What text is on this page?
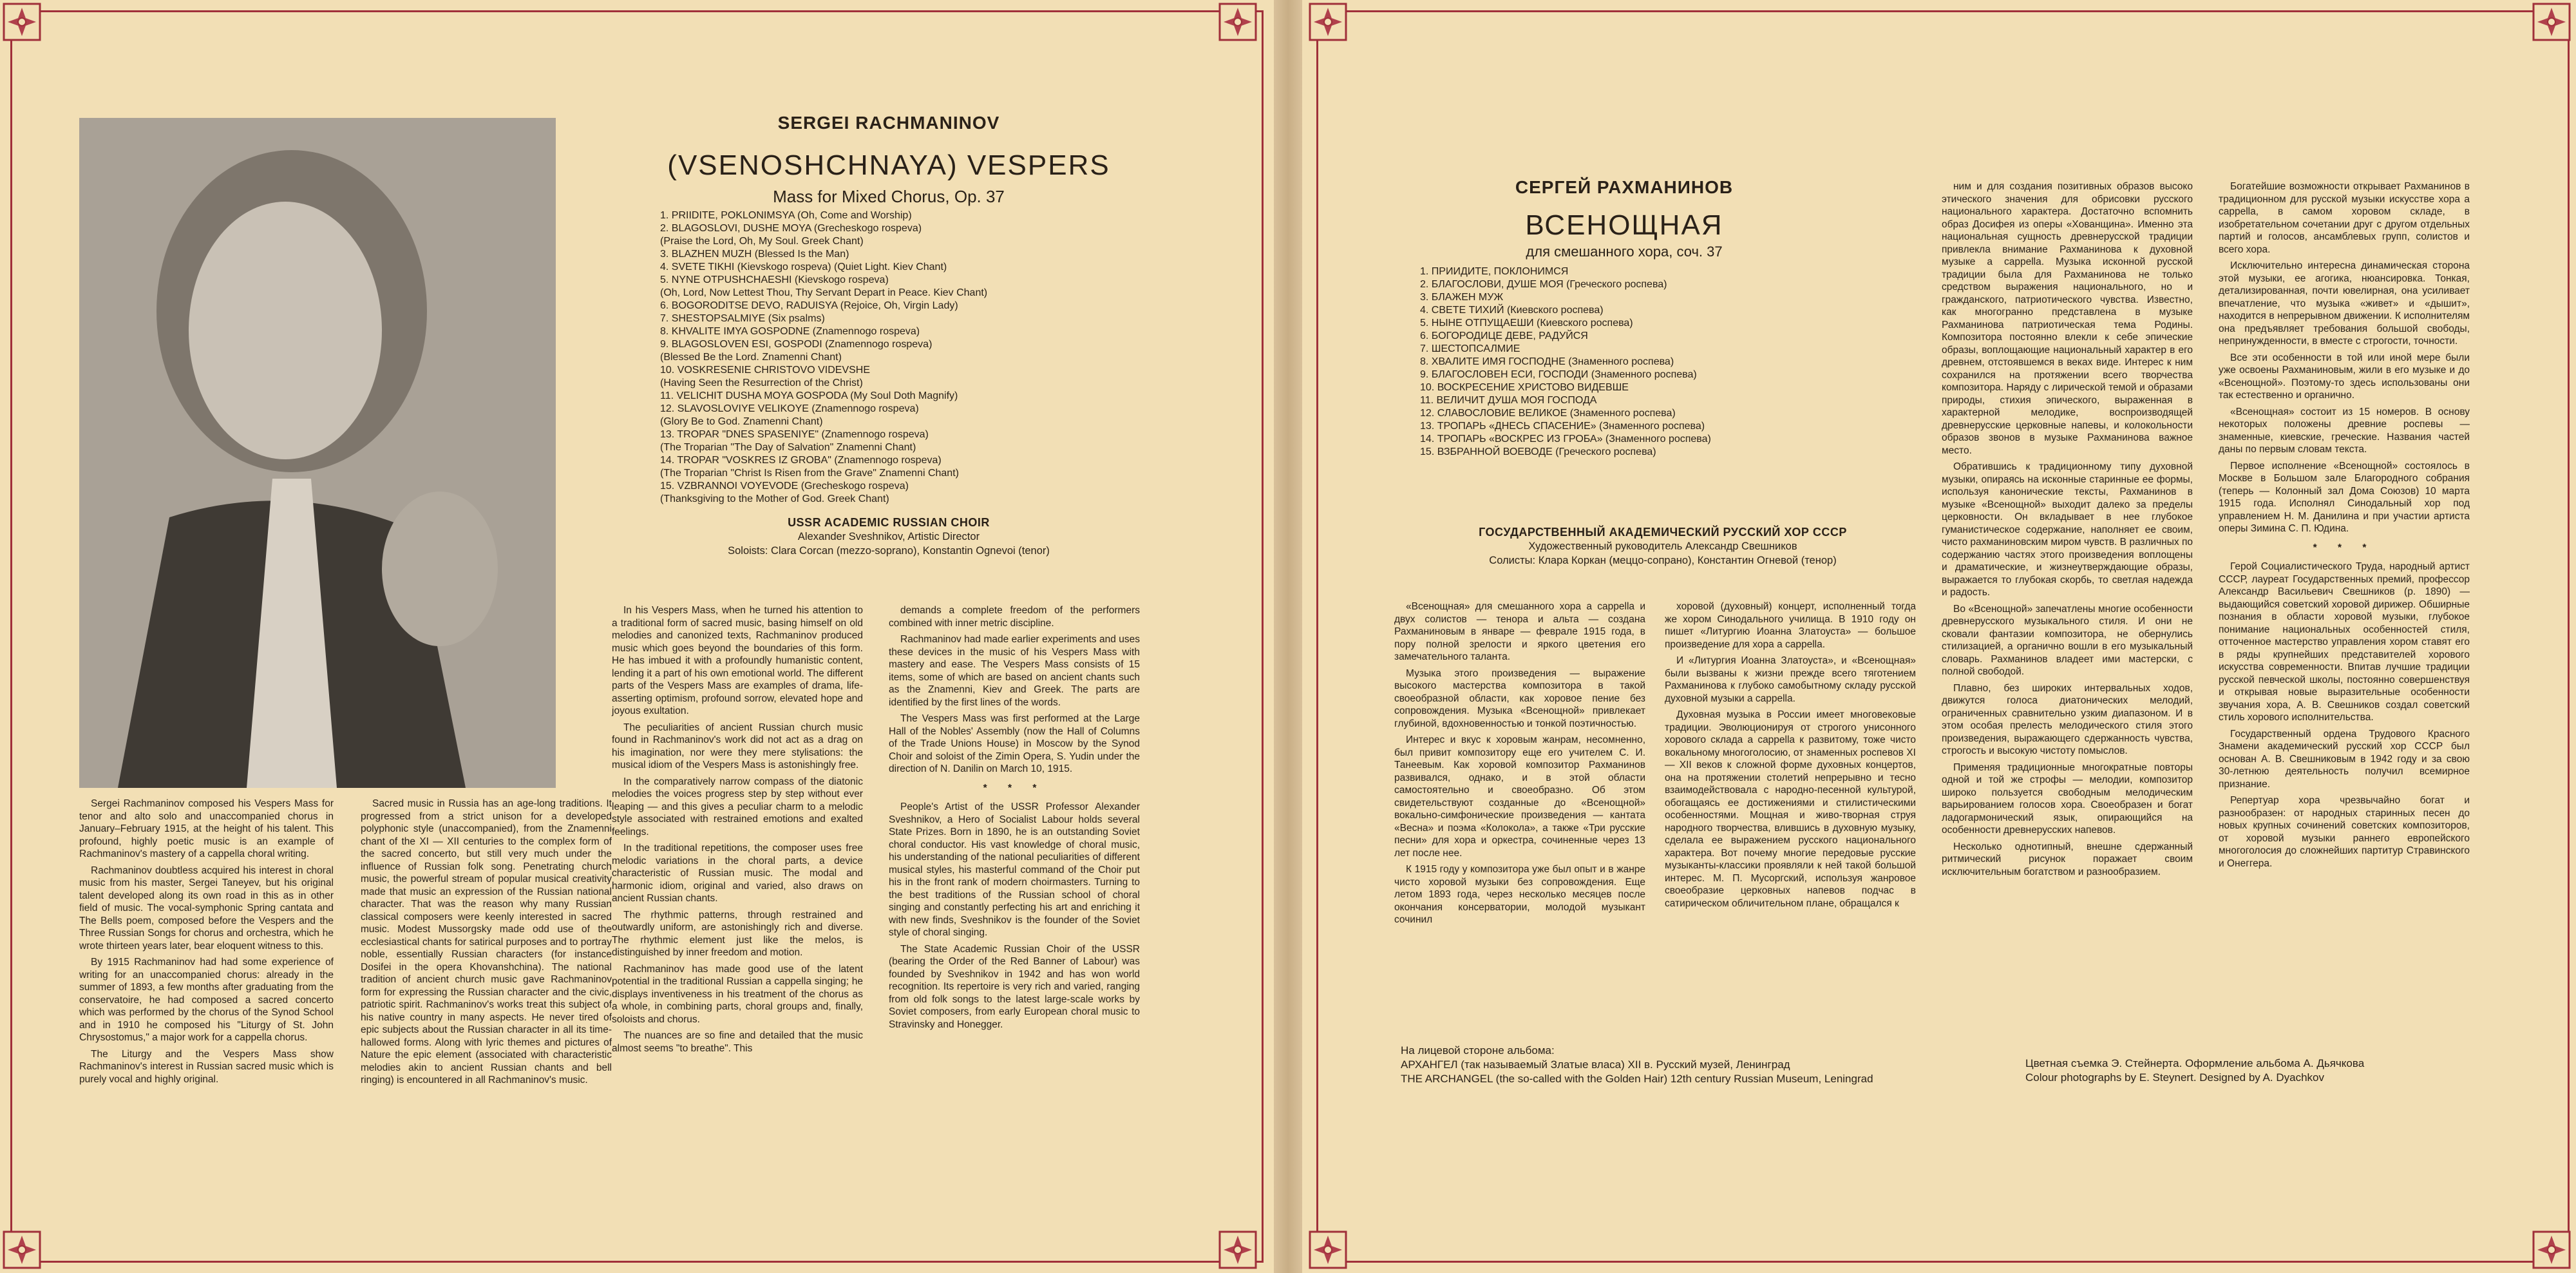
SERGEI RACHMANINOV
(VSENOSHCHNAYA) VESPERS
Mass for Mixed Chorus, Op. 37
1. PRIIDITE, POKLONIMSYA (Oh, Come and Worship)
2. BLAGOSLOVI, DUSHE MOYA (Grecheskogo rospeva)
(Praise the Lord, Oh, My Soul. Greek Chant)
3. BLAZHEN MUZH (Blessed Is the Man)
4. SVETE TIKHI (Kievskogo rospeva) (Quiet Light. Kiev Chant)
5. NYNE OTPUSHCHAESHI (Kievskogo rospeva)
(Oh, Lord, Now Lettest Thou, Thy Servant Depart in Peace. Kiev Chant)
6. BOGORODITSE DEVO, RADUISYA (Rejoice, Oh, Virgin Lady)
7. SHESTOPSALMIYE (Six psalms)
8. KHVALITE IMYA GOSPODNE (Znamennogo rospeva)
9. BLAGOSLOVEN ESI, GOSPODI (Znamennogo rospeva)
(Blessed Be the Lord. Znamenni Chant)
10. VOSKRESENIE CHRISTOVO VIDEVSHE
(Having Seen the Resurrection of the Christ)
11. VELICHIT DUSHA MOYA GOSPODA (My Soul Doth Magnify)
12. SLAVOSLOVIYE VELIKOYE (Znamennogo rospeva)
(Glory Be to God. Znamenni Chant)
13. TROPAR "DNES SPASENIYE" (Znamennogo rospeva)
(The Troparian "The Day of Salvation" Znamenni Chant)
14. TROPAR "VOSKRES IZ GROBA" (Znamennogo rospeva)
(The Troparian "Christ Is Risen from the Grave" Znamenni Chant)
15. VZBRANNOI VOYEVODE (Grecheskogo rospeva)
(Thanksgiving to the Mother of God. Greek Chant)
USSR ACADEMIC RUSSIAN CHOIR
Alexander Sveshnikov, Artistic Director
Soloists: Clara Corcan (mezzo-soprano), Konstantin Ognevoi (tenor)

Sergei Rachmaninov composed his Vespers Mass for tenor and alto solo and unaccompanied chorus in January–February 1915, at the height of his talent. This profound, highly poetic music is an example of Rachmaninov's mastery of a cappella choral writing.

Rachmaninov doubtless acquired his interest in choral music from his master, Sergei Taneyev, but his original talent developed along its own road in this as in other field of music. The vocal-symphonic Spring cantata and The Bells poem, composed before the Vespers and the Three Russian Songs for chorus and orchestra, which he wrote thirteen years later, bear eloquent witness to this.

By 1915 Rachmaninov had had some experience of writing for an unaccompanied chorus: already in the summer of 1893, a few months after graduating from the conservatoire, he had composed a sacred concerto which was performed by the chorus of the Synod School and in 1910 he composed his "Liturgy of St. John Chrysostomus," a major work for a cappella chorus.

The Liturgy and the Vespers Mass show Rachmaninov's interest in Russian sacred music which is purely vocal and highly original.

Sacred music in Russia has an age-long traditions. It progressed from a strict unison for a developed polyphonic style (unaccompanied), from the Znamenni chant of the XI — XII centuries to the complex form of the sacred concerto, but still very much under the influence of Russian folk song. Penetrating church music, the powerful stream of popular musical creativity made that music an expression of the Russian national character. That was the reason why many Russian classical composers were keenly interested in sacred music. Modest Mussorgsky made odd use of the ecclesiastical chants for satirical purposes and to portray noble, essentially Russian characters (for instance Dosifei in the opera Khovanshchina). The national tradition of ancient church music gave Rachmaninov form for expressing the Russian character and the civic, patriotic spirit. Rachmaninov's works treat this subject of his native country in many aspects. He never tired of epic subjects about the Russian character in all its time-hallowed forms. Along with lyric themes and pictures of Nature the epic element (associated with characteristic melodies akin to ancient Russian chants and bell ringing) is encountered in all Rachmaninov's music.

In his Vespers Mass, when he turned his attention to a traditional form of sacred music, basing himself on old melodies and canonized texts, Rachmaninov produced music which goes beyond the boundaries of this form. He has imbued it with a profoundly humanistic content, lending it a part of his own emotional world. The different parts of the Vespers Mass are examples of drama, life-asserting optimism, profound sorrow, elevated hope and joyous exultation.

The peculiarities of ancient Russian church music found in Rachmaninov's work did not act as a drag on his imagination, nor were they mere stylisations: the musical idiom of the Vespers Mass is astonishingly free.

In the comparatively narrow compass of the diatonic melodies the voices progress step by step without ever leaping — and this gives a peculiar charm to a melodic style associated with restrained emotions and exalted feelings.

In the traditional repetitions, the composer uses free melodic variations in the choral parts, a device characteristic of Russian music. The modal and harmonic idiom, original and varied, also draws on ancient Russian chants.

The rhythmic patterns, through restrained and outwardly uniform, are astonishingly rich and diverse. The rhythmic element just like the melos, is distinguished by inner freedom and motion.

Rachmaninov has made good use of the latent potential in the traditional Russian a cappella singing; he displays inventiveness in his treatment of the chorus as a whole, in combining parts, choral groups and, finally, soloists and chorus.

The nuances are so fine and detailed that the music almost seems "to breathe". This

demands a complete freedom of the performers combined with inner metric discipline.

Rachmaninov had made earlier experiments and uses these devices in the music of his Vespers Mass with mastery and ease. The Vespers Mass consists of 15 items, some of which are based on ancient chants such as the Znamenni, Kiev and Greek. The parts are identified by the first lines of the words.

The Vespers Mass was first performed at the Large Hall of the Nobles' Assembly (now the Hall of Columns of the Trade Unions House) in Moscow by the Synod Choir and soloist of the Zimin Opera, S. Yudin under the direction of N. Danilin on March 10, 1915.

* * *

People's Artist of the USSR Professor Alexander Sveshnikov, a Hero of Socialist Labour holds several State Prizes. Born in 1890, he is an outstanding Soviet choral conductor. His vast knowledge of choral music, his understanding of the national peculiarities of different musical styles, his masterful command of the Choir put his in the front rank of modern choirmasters. Turning to the best traditions of the Russian school of choral singing and constantly perfecting his art and enriching it with new finds, Sveshnikov is the founder of the Soviet style of choral singing.

The State Academic Russian Choir of the USSR (bearing the Order of the Red Banner of Labour) was founded by Sveshnikov in 1942 and has won world recognition. Its repertoire is very rich and varied, ranging from old folk songs to the latest large-scale works by Soviet composers, from early European choral music to Stravinsky and Honegger.

СЕРГЕЙ РАХМАНИНОВ
ВСЕНОЩНАЯ
для смешанного хора, соч. 37
1. ПРИИДИТЕ, ПОКЛОНИМСЯ
2. БЛАГОСЛОВИ, ДУШЕ МОЯ (Греческого роспева)
3. БЛАЖЕН МУЖ
4. СВЕТЕ ТИХИЙ (Киевского роспева)
5. НЫНЕ ОТПУЩАЕШИ (Киевского роспева)
6. БОГОРОДИЦЕ ДЕВЕ, РАДУЙСЯ
7. ШЕСТОПСАЛМИЕ
8. ХВАЛИТЕ ИМЯ ГОСПОДНЕ (Знаменного роспева)
9. БЛАГОСЛОВЕН ЕСИ, ГОСПОДИ (Знаменного роспева)
10. ВОСКРЕСЕНИЕ ХРИСТОВО ВИДЕВШЕ
11. ВЕЛИЧИТ ДУША МОЯ ГОСПОДА
12. СЛАВОСЛОВИЕ ВЕЛИКОЕ (Знаменного роспева)
13. ТРОПАРЬ «ДНЕСЬ СПАСЕНИЕ» (Знаменного роспева)
14. ТРОПАРЬ «ВОСКРЕС ИЗ ГРОБА» (Знаменного роспева)
15. ВЗБРАННОЙ ВОЕВОДЕ (Греческого роспева)
ГОСУДАРСТВЕННЫЙ АКАДЕМИЧЕСКИЙ РУССКИЙ ХОР СССР
Художественный руководитель Александр Свешников
Солисты: Клара Коркан (меццо-сопрано), Константин Огневой (тенор)

«Всенощная» для смешанного хора a cappella и двух солистов — тенора и альта — создана Рахманиновым в январе — феврале 1915 года, в пору полной зрелости и яркого цветения его замечательного таланта.

Музыка этого произведения — выражение высокого мастерства композитора в такой своеобразной области, как хоровое пение без сопровождения. Музыка «Всенощной» привлекает глубиной, вдохновенностью и тонкой поэтичностью.

Интерес и вкус к хоровым жанрам, несомненно, был привит композитору еще его учителем С. И. Танеевым. Как хоровой композитор Рахманинов развивался, однако, и в этой области самостоятельно и своеобразно. Об этом свидетельствуют созданные до «Всенощной» вокально-симфонические произведения — кантата «Весна» и поэма «Колокола», а также «Три русские песни» для хора и оркестра, сочиненные через 13 лет после нее.

К 1915 году у композитора уже был опыт и в жанре чисто хоровой музыки без сопровождения. Еще летом 1893 года, через несколько месяцев после окончания консерватории, молодой музыкант сочинил

хоровой (духовный) концерт, исполненный тогда же хором Синодального училища. В 1910 году он пишет «Литургию Иоанна Златоуста» — большое произведение для хора a cappella.

И «Литургия Иоанна Златоуста», и «Всенощная» были вызваны к жизни прежде всего тяготением Рахманинова к глубоко самобытному складу русской духовной музыки a cappella.

Духовная музыка в России имеет многовековые традиции. Эволюционируя от строгого унисонного хорового склада a cappella к развитому, тоже чисто вокальному многоголосию, от знаменных роспевов XI — XII веков к сложной форме духовных концертов, она на протяжении столетий непрерывно и тесно взаимодействовала с народно-песенной культурой, обогащаясь ее достижениями и стилистическими особенностями. Мощная и живо-творная струя народного творчества, влившись в духовную музыку, сделала ее выражением русского национального характера. Вот почему многие передовые русские музыканты-классики проявляли к ней такой большой интерес. М. П. Мусоргский, используя жанровое своеобразие церковных напевов подчас в сатирическом обличительном плане, обращался к

ним и для создания позитивных образов высоко этического значения для обрисовки русского национального характера. Достаточно вспомнить образ Досифея из оперы «Хованщина». Именно эта национальная сущность древнерусской традиции привлекла внимание Рахманинова к духовной музыке a cappella. Музыка исконной русской традиции была для Рахманинова не только средством выражения национального, но и гражданского, патриотического чувства. Известно, как многогранно представлена в музыке Рахманинова патриотическая тема Родины. Композитора постоянно влекли к себе эпические образы, воплощающие национальный характер в его древнем, отстоявшемся в веках виде. Интерес к ним сохранился на протяжении всего творчества композитора. Наряду с лирической темой и образами природы, стихия эпического, выраженная в характерной мелодике, воспроизводящей древнерусские церковные напевы, и колокольности образов звонов в музыке Рахманинова важное место.

Обратившись к традиционному типу духовной музыки, опираясь на исконные старинные ее формы, используя канонические тексты, Рахманинов в музыке «Всенощной» выходит далеко за пределы церковности. Он вкладывает в нее глубокое гуманистическое содержание, наполняет ее своим, чисто рахманиновским миром чувств. В различных по содержанию частях этого произведения воплощены и драматические, и жизнеутверждающие образы, выражается то глубокая скорбь, то светлая надежда и радость.

Во «Всенощной» запечатлены многие особенности древнерусского музыкального стиля. И они не сковали фантазии композитора, не обернулись стилизацией, а органично вошли в его музыкальный словарь. Рахманинов владеет ими мастерски, с полной свободой.

Плавно, без широких интервальных ходов, движутся голоса диатонических мелодий, ограниченных сравнительно узким диапазоном. И в этом особая прелесть мелодического стиля этого произведения, выражающего сдержанность чувства, строгость и высокую чистоту помыслов.

Применяя традиционные многократные повторы одной и той же строфы — мелодии, композитор широко пользуется свободным мелодическим варьированием голосов хора. Своеобразен и богат ладогармонический язык, опирающийся на особенности древнерусских напевов.

Несколько однотипный, внешне сдержанный ритмический рисунок поражает своим исключительным богатством и разнообразием.

Богатейшие возможности открывает Рахманинов в традиционном для русской музыки искусстве хора a cappella, в самом хоровом складе, в изобретательном сочетании друг с другом отдельных партий и голосов, ансамблевых групп, солистов и всего хора.

Исключительно интересна динамическая сторона этой музыки, ее агогика, нюансировка. Тонкая, детализированная, почти ювелирная, она усиливает впечатление, что музыка «живет» и «дышит», находится в непрерывном движении. К исполнителям она предъявляет требования большой свободы, непринужденности, в вместе с строгости, точности.

Все эти особенности в той или иной мере были уже освоены Рахманиновым, жили в его музыке и до «Всенощной». Поэтому-то здесь использованы они так естественно и органично.

«Всенощная» состоит из 15 номеров. В основу некоторых положены древние роспевы — знаменные, киевские, греческие. Названия частей даны по первым словам текста.

Первое исполнение «Всенощной» состоялось в Москве в Большом зале Благородного собрания (теперь — Колонный зал Дома Союзов) 10 марта 1915 года. Исполнял Синодальный хор под управлением Н. М. Данилина и при участии артиста оперы Зимина С. П. Юдина.

* * *

Герой Социалистического Труда, народный артист СССР, лауреат Государственных премий, профессор Александр Васильевич Свешников (р. 1890) — выдающийся советский хоровой дирижер. Обширные познания в области хоровой музыки, глубокое понимание национальных особенностей стиля, отточенное мастерство управления хором ставят его в ряды крупнейших представителей хорового искусства современности. Впитав лучшие традиции русской певческой школы, постоянно совершенствуя и открывая новые выразительные особенности звучания хора, А. В. Свешников создал советский стиль хорового исполнительства.

Государственный ордена Трудового Красного Знамени академический русский хор СССР был основан А. В. Свешниковым в 1942 году и за свою 30-летнюю деятельность получил всемирное признание.

Репертуар хора чрезвычайно богат и разнообразен: от народных старинных песен до новых крупных сочинений советских композиторов, от хоровой музыки раннего европейского многоголосия до сложнейших партитур Стравинского и Онеггера.

На лицевой стороне альбома:
АРХАНГЕЛ (так называемый Златые власа) XII в. Русский музей, Ленинград
THE ARCHANGEL (the so-called with the Golden Hair) 12th century Russian Museum, Leningrad
Цветная съемка Э. Стейнерта. Оформление альбома А. Дьячкова
Colour photographs by E. Steynert. Designed by A. Dyachkov
